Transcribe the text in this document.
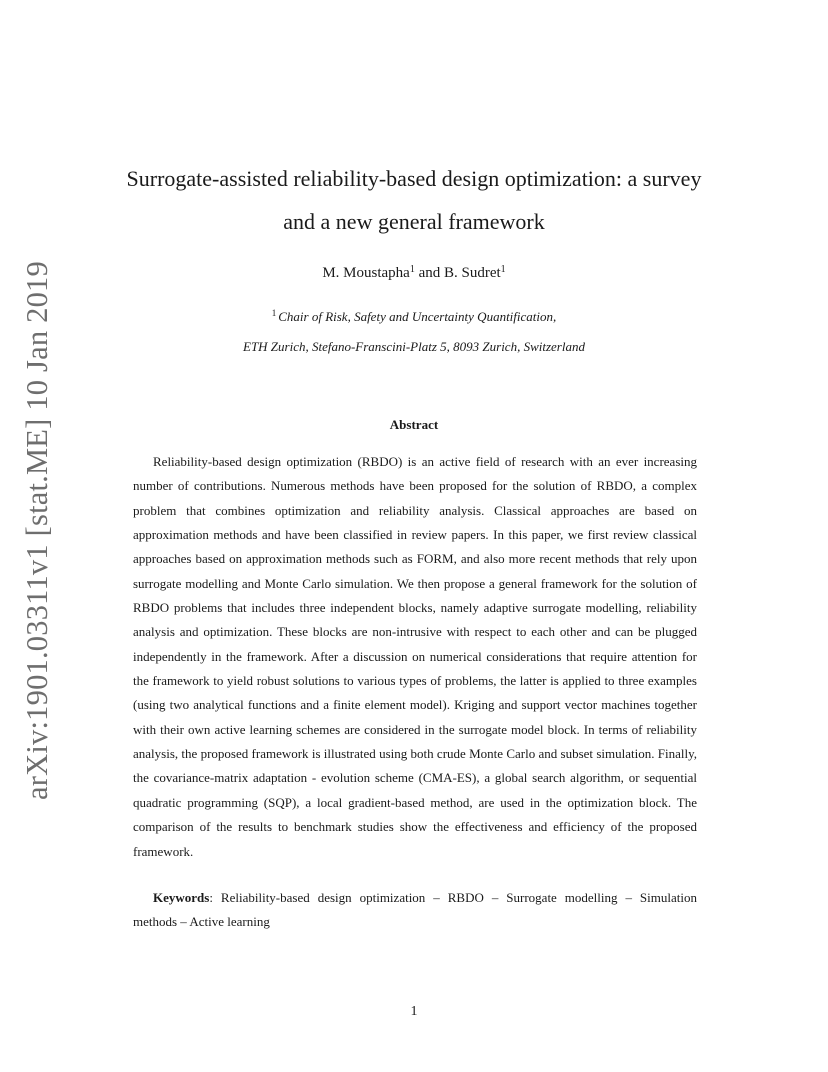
arXiv:1901.03311v1 [stat.ME] 10 Jan 2019
Surrogate-assisted reliability-based design optimization: a survey
and a new general framework
M. Moustapha$^1$ and B. Sudret$^1$
$^1$ Chair of Risk, Safety and Uncertainty Quantification,
ETH Zurich, Stefano-Franscini-Platz 5, 8093 Zurich, Switzerland
Abstract

Reliability-based design optimization (RBDO) is an active field of research with an ever increasing number of contributions. Numerous methods have been proposed for the solution of RBDO, a complex problem that combines optimization and reliability analysis. Classical approaches are based on approximation methods and have been classified in review papers. In this paper, we first review classical approaches based on approximation methods such as FORM, and also more recent methods that rely upon surrogate modelling and Monte Carlo simulation. We then propose a general framework for the solution of RBDO problems that includes three independent blocks, namely adaptive surrogate modelling, reliability analysis and optimization. These blocks are non-intrusive with respect to each other and can be plugged independently in the framework. After a discussion on numerical considerations that require attention for the framework to yield robust solutions to various types of problems, the latter is applied to three examples (using two analytical functions and a finite element model). Kriging and support vector machines together with their own active learning schemes are considered in the surrogate model block. In terms of reliability analysis, the proposed framework is illustrated using both crude Monte Carlo and subset simulation. Finally, the covariance-matrix adaptation - evolution scheme (CMA-ES), a global search algorithm, or sequential quadratic programming (SQP), a local gradient-based method, are used in the optimization block. The comparison of the results to benchmark studies show the effectiveness and efficiency of the proposed framework.

Keywords: Reliability-based design optimization – RBDO – Surrogate modelling – Simulation methods – Active learning

1
